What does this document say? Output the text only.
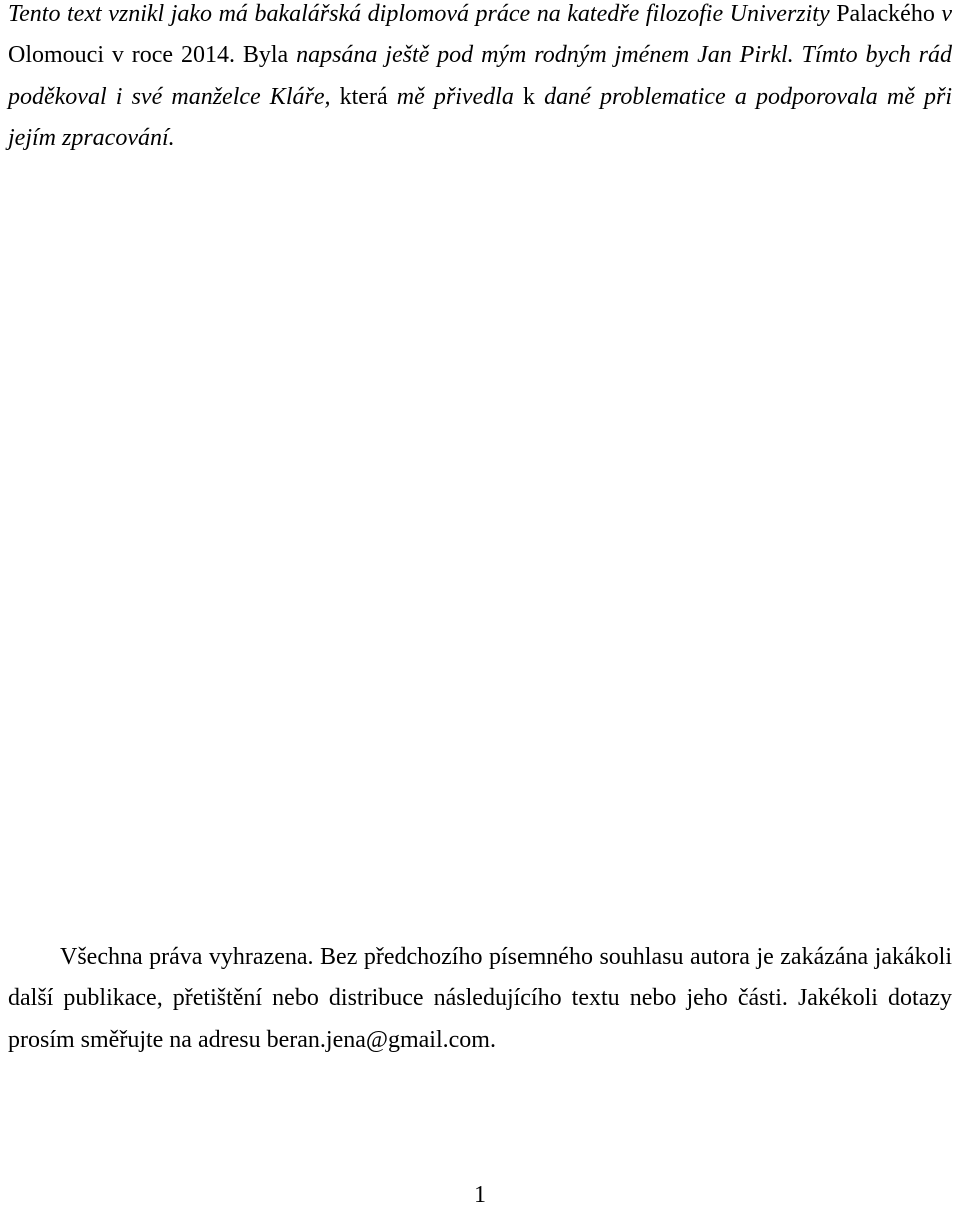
Tento text vznikl jako má bakalářská diplomová práce na katedře filozofie Univerzity Palackého v Olomouci v roce 2014. Byla napsána ještě pod mým rodným jménem Jan Pirkl. Tímto bych rád poděkoval i své manželce Kláře, která mě přivedla k dané problematice a podporovala mě při jejím zpracování.

Všechna práva vyhrazena. Bez předchozího písemného souhlasu autora je zakázána jakákoli další publikace, přetištění nebo distribuce následujícího textu nebo jeho části. Jakékoli dotazy prosím směřujte na adresu beran.jena@gmail.com.

1
